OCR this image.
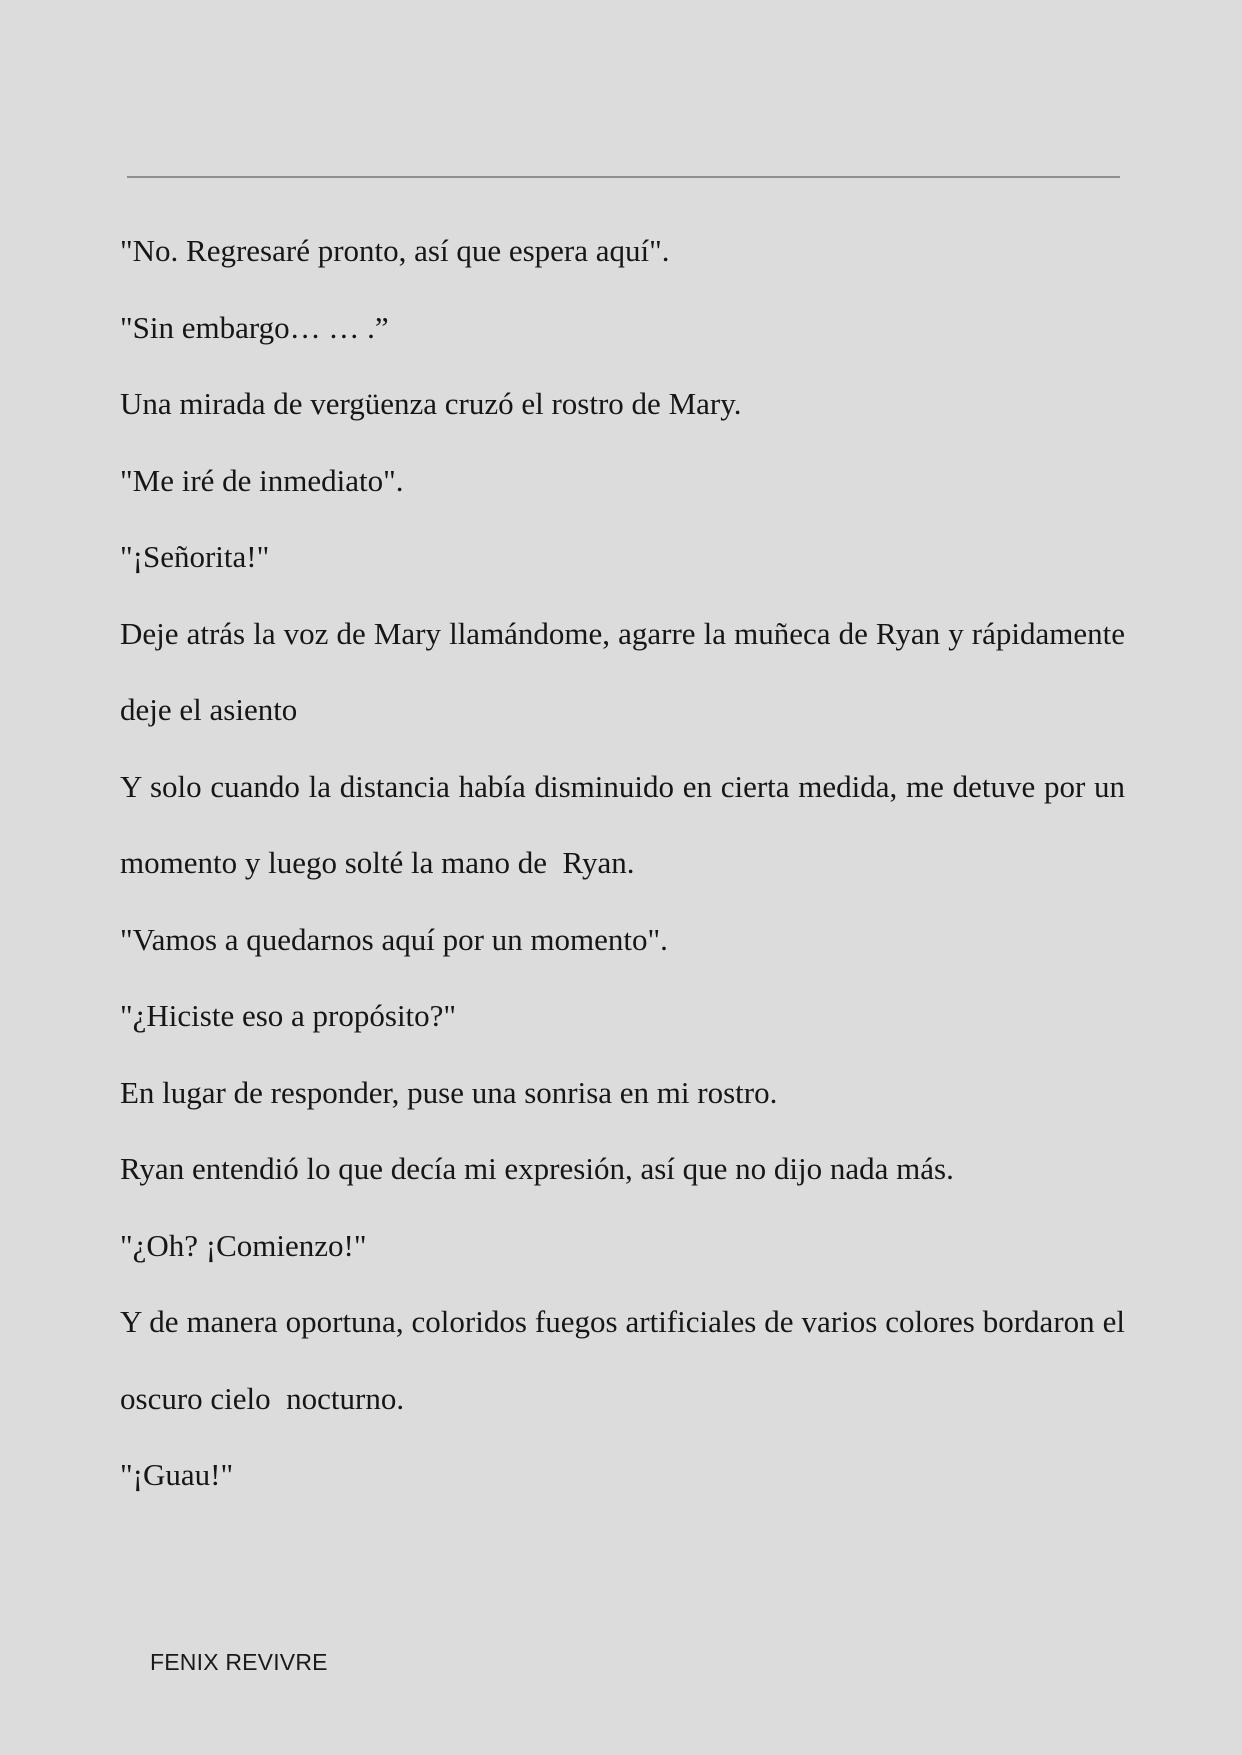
"No. Regresaré pronto, así que espera aquí".

"Sin embargo… … .”

Una mirada de vergüenza cruzó el rostro de Mary.

"Me iré de inmediato".

"¡Señorita!"

Deje atrás la voz de Mary llamándome, agarre la muñeca de Ryan y rápidamente deje el asiento

Y solo cuando la distancia había disminuido en cierta medida, me detuve por un momento y luego solté la mano de  Ryan.

"Vamos a quedarnos aquí por un momento".

"¿Hiciste eso a propósito?"

En lugar de responder, puse una sonrisa en mi rostro.

Ryan entendió lo que decía mi expresión, así que no dijo nada más.

"¿Oh? ¡Comienzo!"

Y de manera oportuna, coloridos fuegos artificiales de varios colores bordaron el oscuro cielo  nocturno.

"¡Guau!"

FENIX REVIVRE
